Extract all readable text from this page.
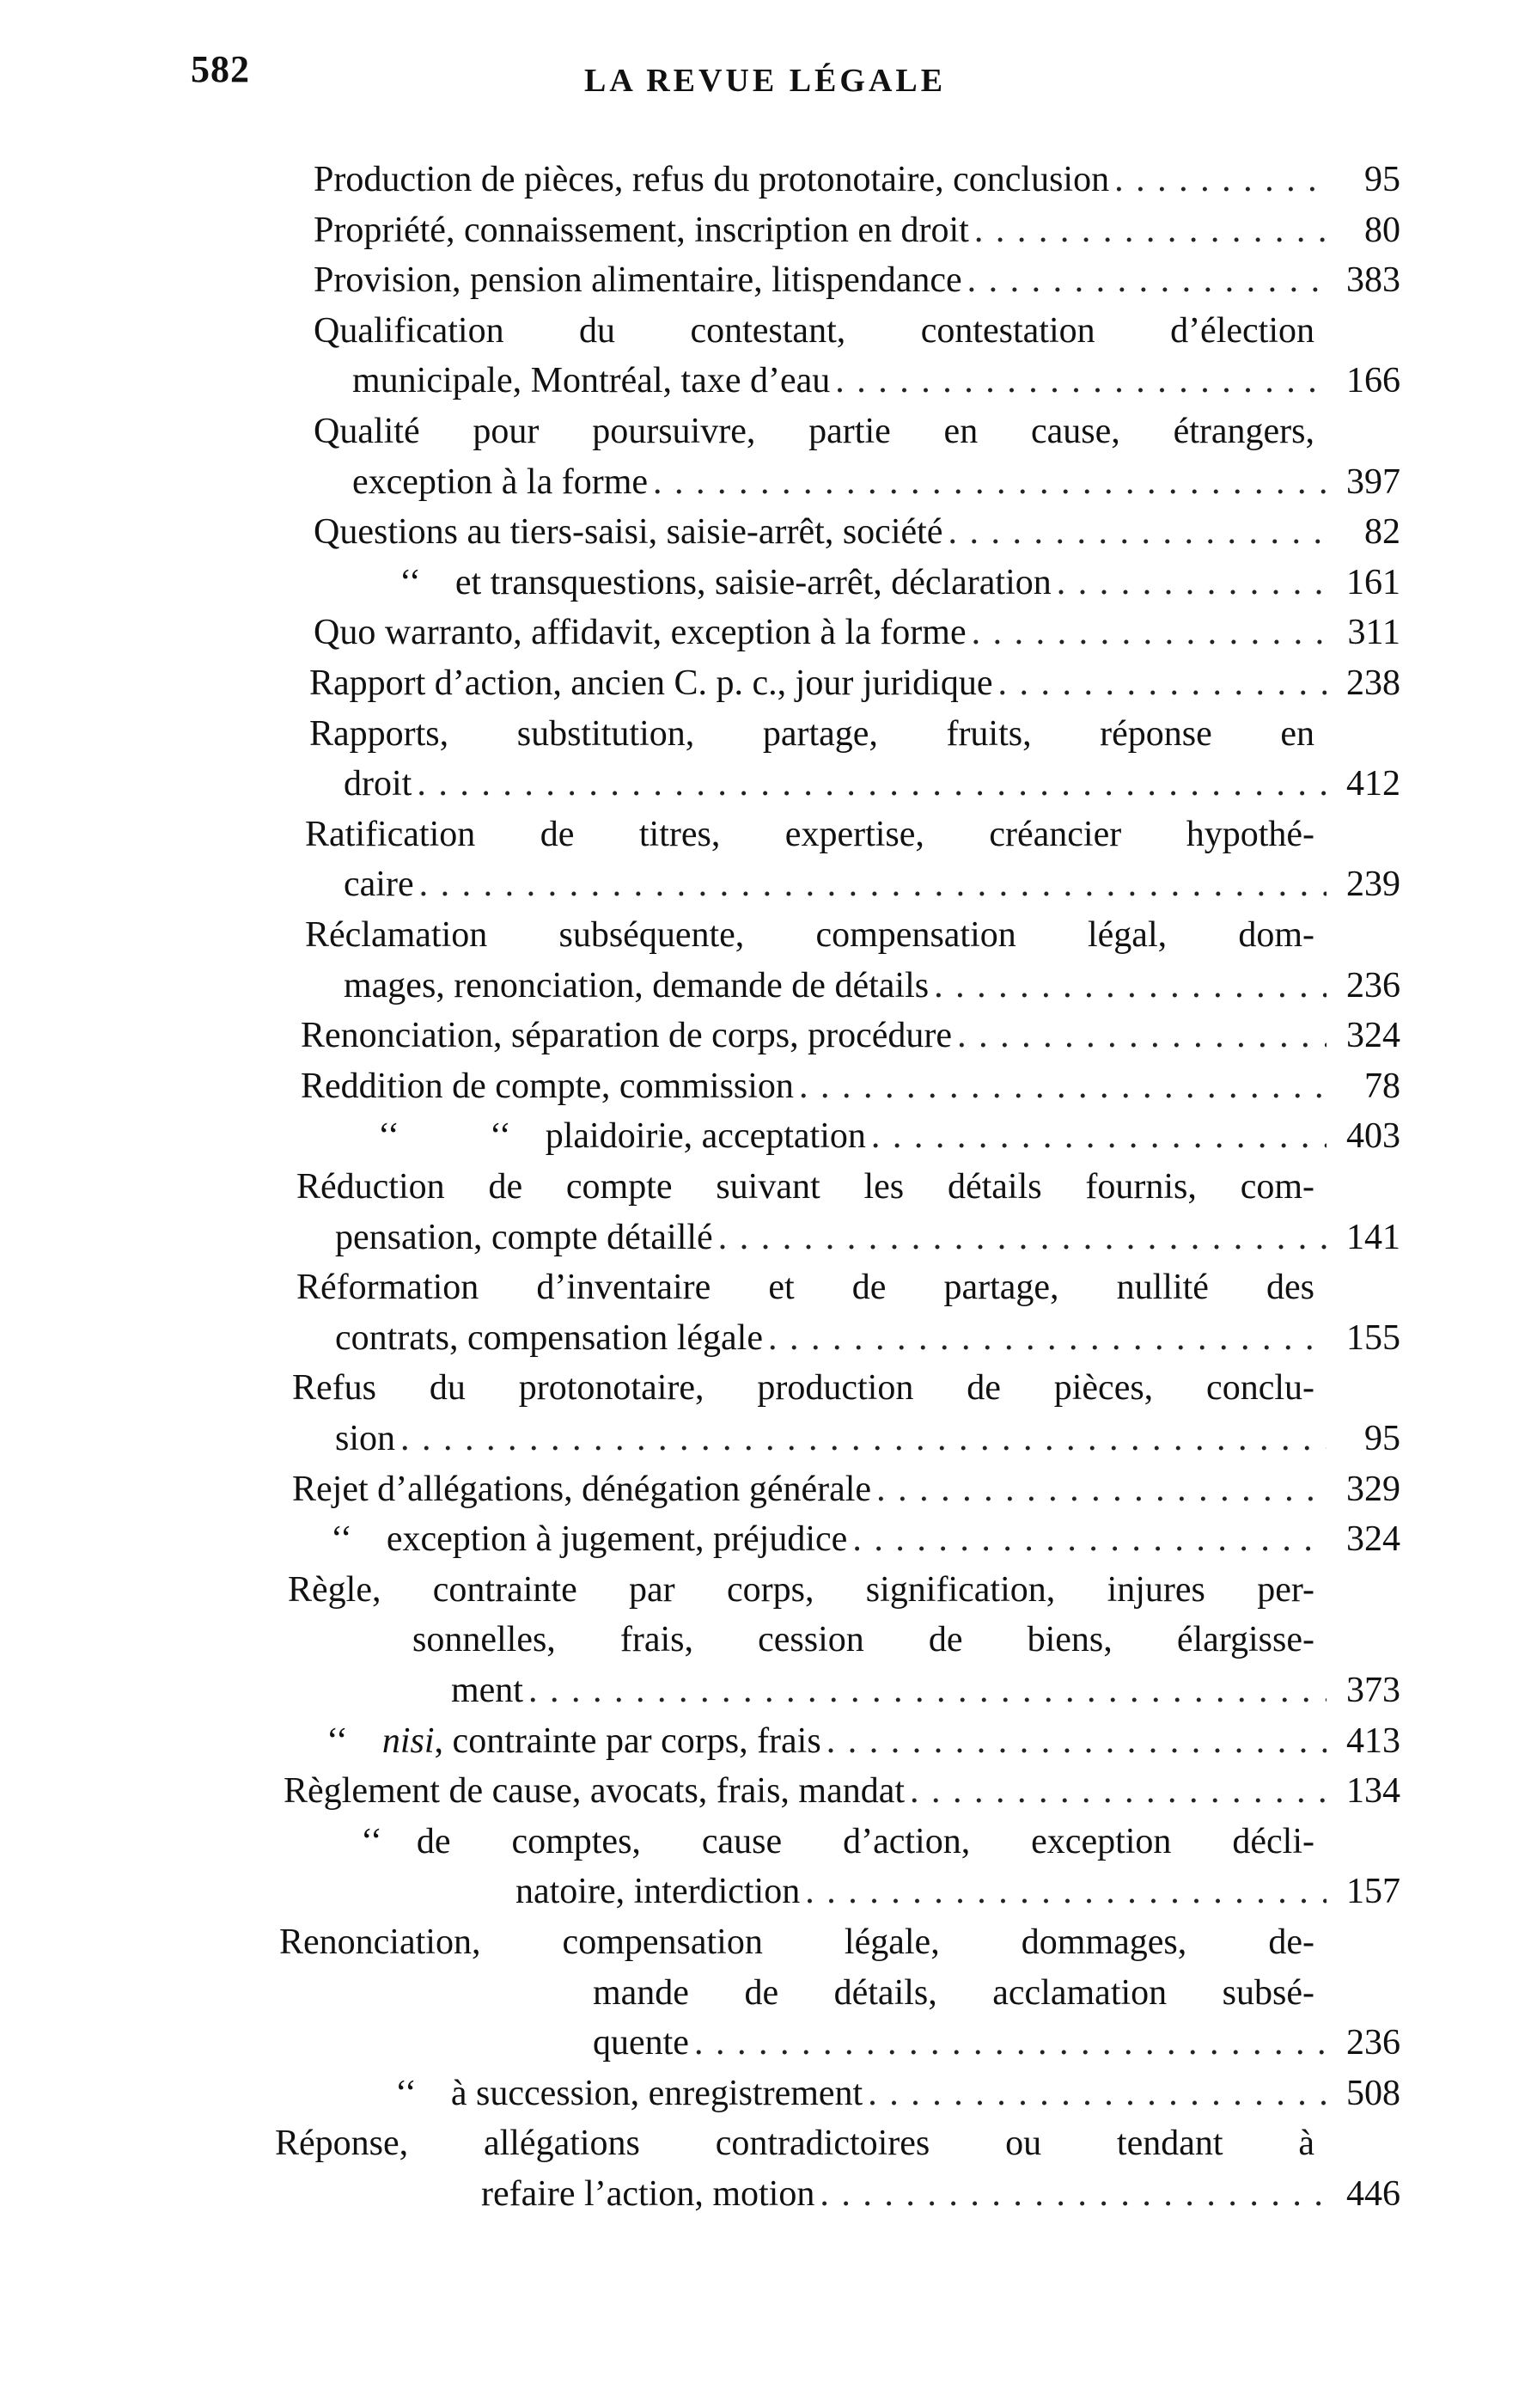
582	LA REVUE LÉGALE
Production de pièces, refus du protonotaire, conclusion . . .	95
Propriété, connaissement, inscription en droit . . .	80
Provision, pension alimentaire, litispendance . . .	383
Qualification du contestant, contestation d’élection
municipale, Montréal, taxe d’eau . . .	166
Qualité pour poursuivre, partie en cause, étrangers,
exception à la forme . . .	397
Questions au tiers-saisi, saisie-arrêt, société . . .	82
‘‘ et transquestions, saisie-arrêt, déclaration . . .	161
Quo warranto, affidavit, exception à la forme . . .	311
Rapport d’action, ancien C. p. c., jour juridique . . .	238
Rapports, substitution, partage, fruits, réponse en
droit . . .	412
Ratification de titres, expertise, créancier hypothé-
caire . . .	239
Réclamation subséquente, compensation légal, dom-
mages, renonciation, demande de détails . . .	236
Renonciation, séparation de corps, procédure . . .	324
Reddition de compte, commission . . .	78
‘‘          ‘‘ plaidoirie, acceptation . . .	403
Réduction de compte suivant les détails fournis, com-
pensation, compte détaillé . . .	141
Réformation d’inventaire et de partage, nullité des
contrats, compensation légale . . .	155
Refus du protonotaire, production de pièces, conclu-
sion . . .	95
Rejet d’allégations, dénégation générale . . .	329
‘‘ exception à jugement, préjudice . . .	324
Règle, contrainte par corps, signification, injures per-
sonnelles, frais, cession de biens, élargisse-
ment . . .	373
‘‘ nisi, contrainte par corps, frais . . .	413
Règlement de cause, avocats, frais, mandat . . .	134
‘‘ de comptes, cause d’action, exception décli-
natoire, interdiction . . .	157
Renonciation, compensation légale, dommages, de-
mande de détails, acclamation subsé-
quente . . .	236
‘‘ à succession, enregistrement . . .	508
Réponse, allégations contradictoires ou tendant à
refaire l’action, motion . . .	446
